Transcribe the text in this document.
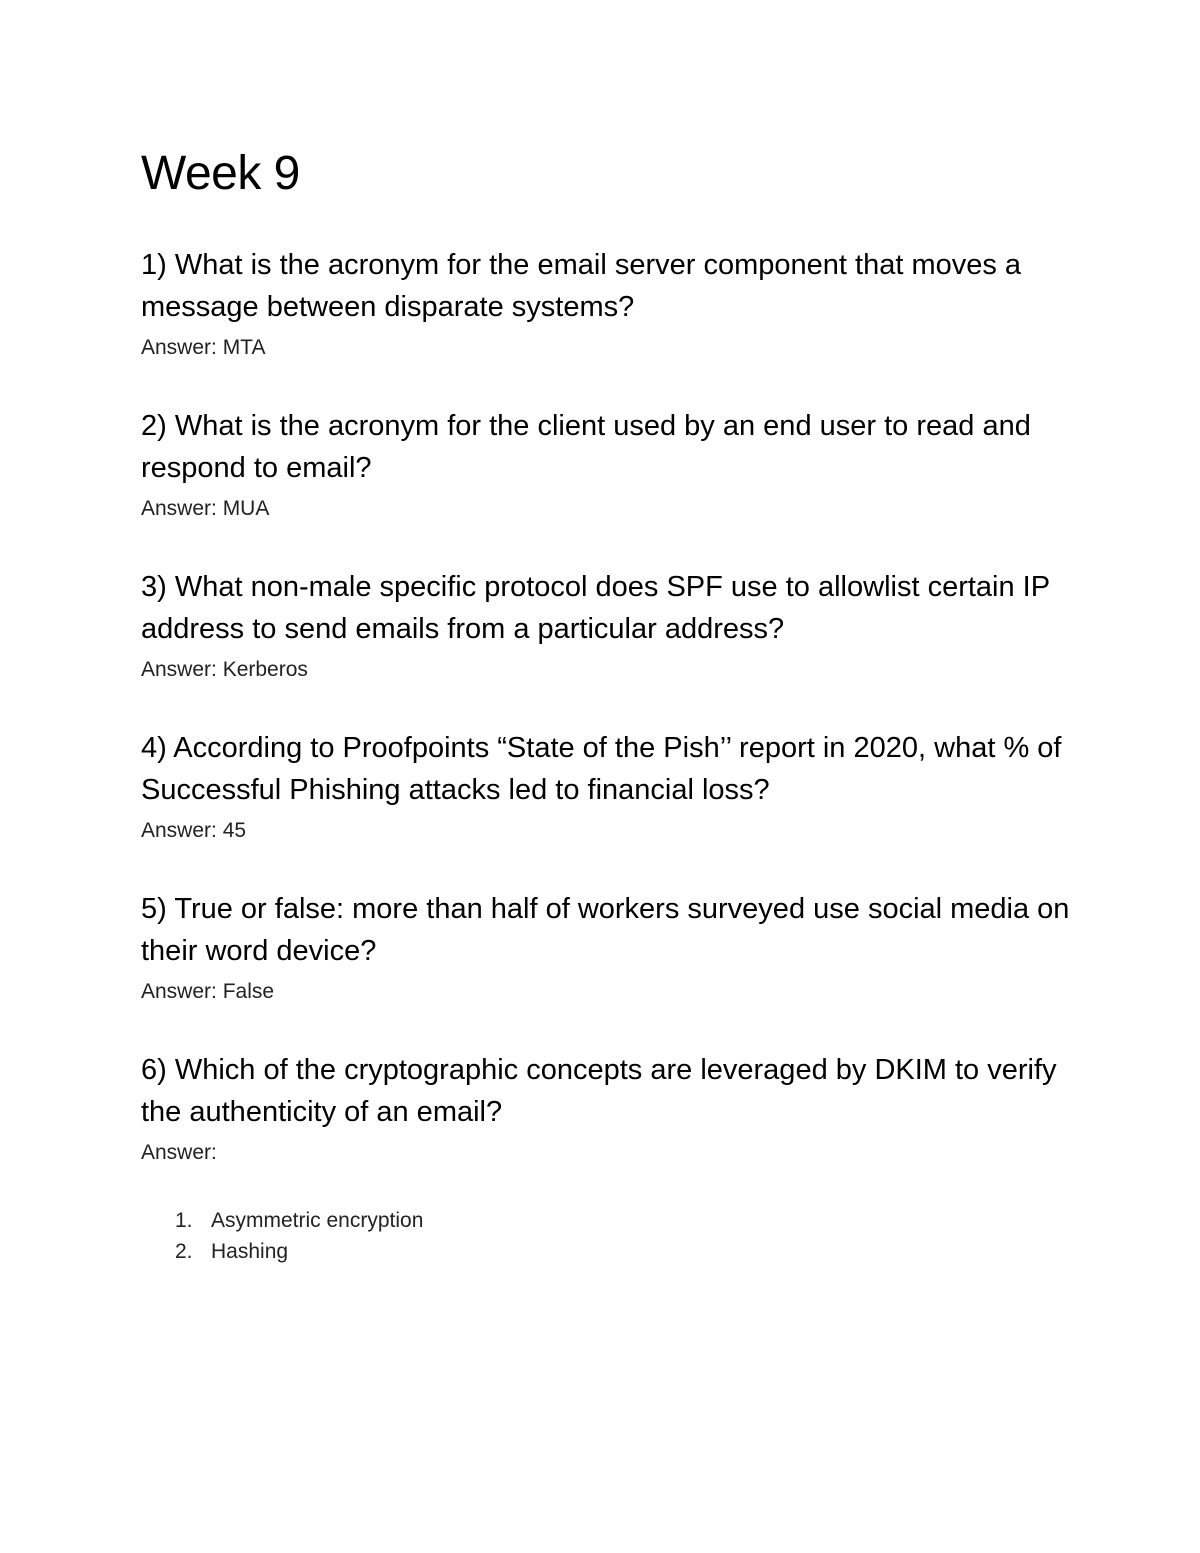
Week 9

1) What is the acronym for the email server component that moves a message between disparate systems?

Answer: MTA

2) What is the acronym for the client used by an end user to read and respond to email?

Answer: MUA

3) What non-male specific protocol does SPF use to allowlist certain IP address to send emails from a particular address?

Answer: Kerberos

4) According to Proofpoints “State of the Pish’’ report in 2020, what % of Successful Phishing attacks led to financial loss?

Answer: 45

5) True or false: more than half of workers surveyed use social media on their word device?

Answer: False

6) Which of the cryptographic concepts are leveraged by DKIM to verify the authenticity of an email?

Answer:

1. Asymmetric encryption
2. Hashing
